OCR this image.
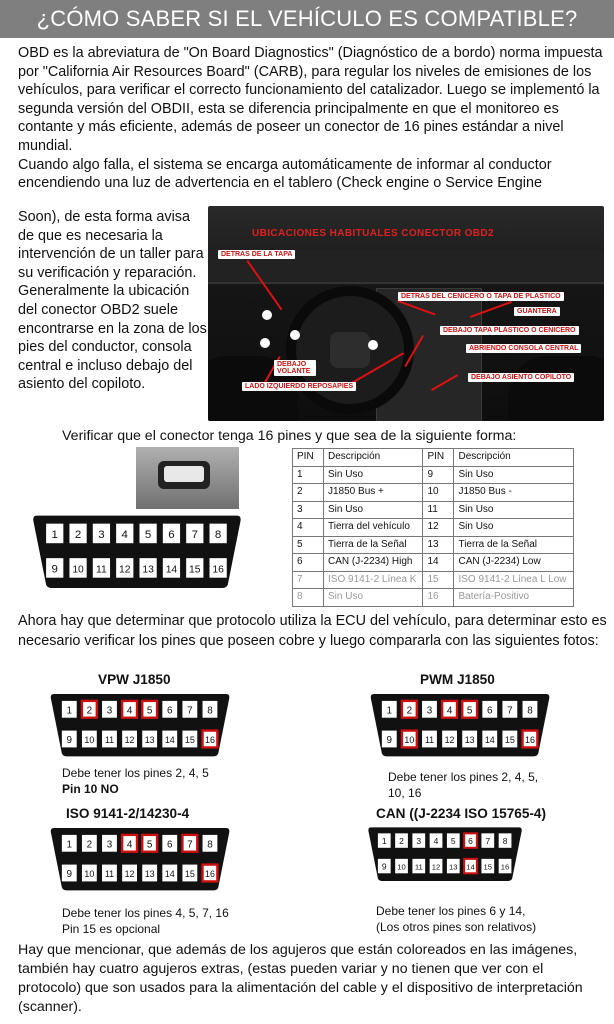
¿CÓMO SABER SI EL VEHÍCULO ES COMPATIBLE?
OBD es la abreviatura de "On Board Diagnostics" (Diagnóstico de a bordo) norma impuesta por "California Air Resources Board" (CARB), para regular los niveles de emisiones de los vehículos, para verificar el correcto funcionamiento del catalizador. Luego se implementó la segunda versión del OBDII, esta se diferencia principalmente en que el monitoreo es contante y más eficiente, además de poseer un conector de 16 pines estándar a nivel mundial.
Cuando algo falla, el sistema se encarga automáticamente de informar al conductor encendiendo una luz de advertencia en el tablero (Check engine o Service Engine
Soon), de esta forma avisa de que es necesaria la intervención de un taller para su verificación y reparación. Generalmente la ubicación del conector OBD2 suele encontrarse en la zona de los pies del conductor, consola central e incluso debajo del asiento del copiloto.
UBICACIONES HABITUALES CONECTOR OBD2
DETRAS DE LA TAPA
DETRAS DEL CENICERO O TAPA DE PLASTICO
GUANTERA
DEBAJO TAPA PLASTICO O CENICERO
ABRIENDO CONSOLA CENTRAL
DEBAJO ASIENTO COPILOTO
DEBAJO VOLANTE
LADO IZQUIERDO REPOSAPIES
Verificar que el conector tenga 16 pines y que sea de la siguiente forma:
1 2 3 4 5 6 7 8
9 10 11 12 13 14 15 16
PIN	Descripción	PIN	Descripción
1	Sin Uso	9	Sin Uso
2	J1850 Bus +	10	J1850 Bus -
3	Sin Uso	11	Sin Uso
4	Tierra del vehículo	12	Sin Uso
5	Tierra de la Señal	13	Tierra de la Señal
6	CAN (J-2234) High	14	CAN (J-2234) Low
7	ISO 9141-2 Línea K	15	ISO 9141-2 Línea L Low
8	Sin Uso	16	Batería-Positivo
Ahora hay que determinar que protocolo utiliza la ECU del vehículo, para determinar esto es necesario verificar los pines que poseen cobre y luego compararla con las siguientes fotos:
VPW J1850	PWM J1850
1 2 3 4 5 6 7 8
9 10 11 12 13 14 15 16
1 2 3 4 5 6 7 8
9 10 11 12 13 14 15 16
Debe tener los pines 2, 4, 5
Pin 10 NO
Debe tener los pines 2, 4, 5,
10, 16
ISO 9141-2/14230-4	CAN ((J-2234 ISO 15765-4)
1 2 3 4 5 6 7 8
9 10 11 12 13 14 15 16
1 2 3 4 5 6 7 8
9 10 11 12 13 14 15 16
Debe tener los pines 4, 5, 7, 16
Pin 15 es opcional
Debe tener los pines 6 y 14,
(Los otros pines son relativos)
Hay que mencionar, que además de los agujeros que están coloreados en las imágenes, también hay cuatro agujeros extras, (estas pueden variar y no tienen que ver con el protocolo) que son usados para la alimentación del cable y el dispositivo de interpretación (scanner).
